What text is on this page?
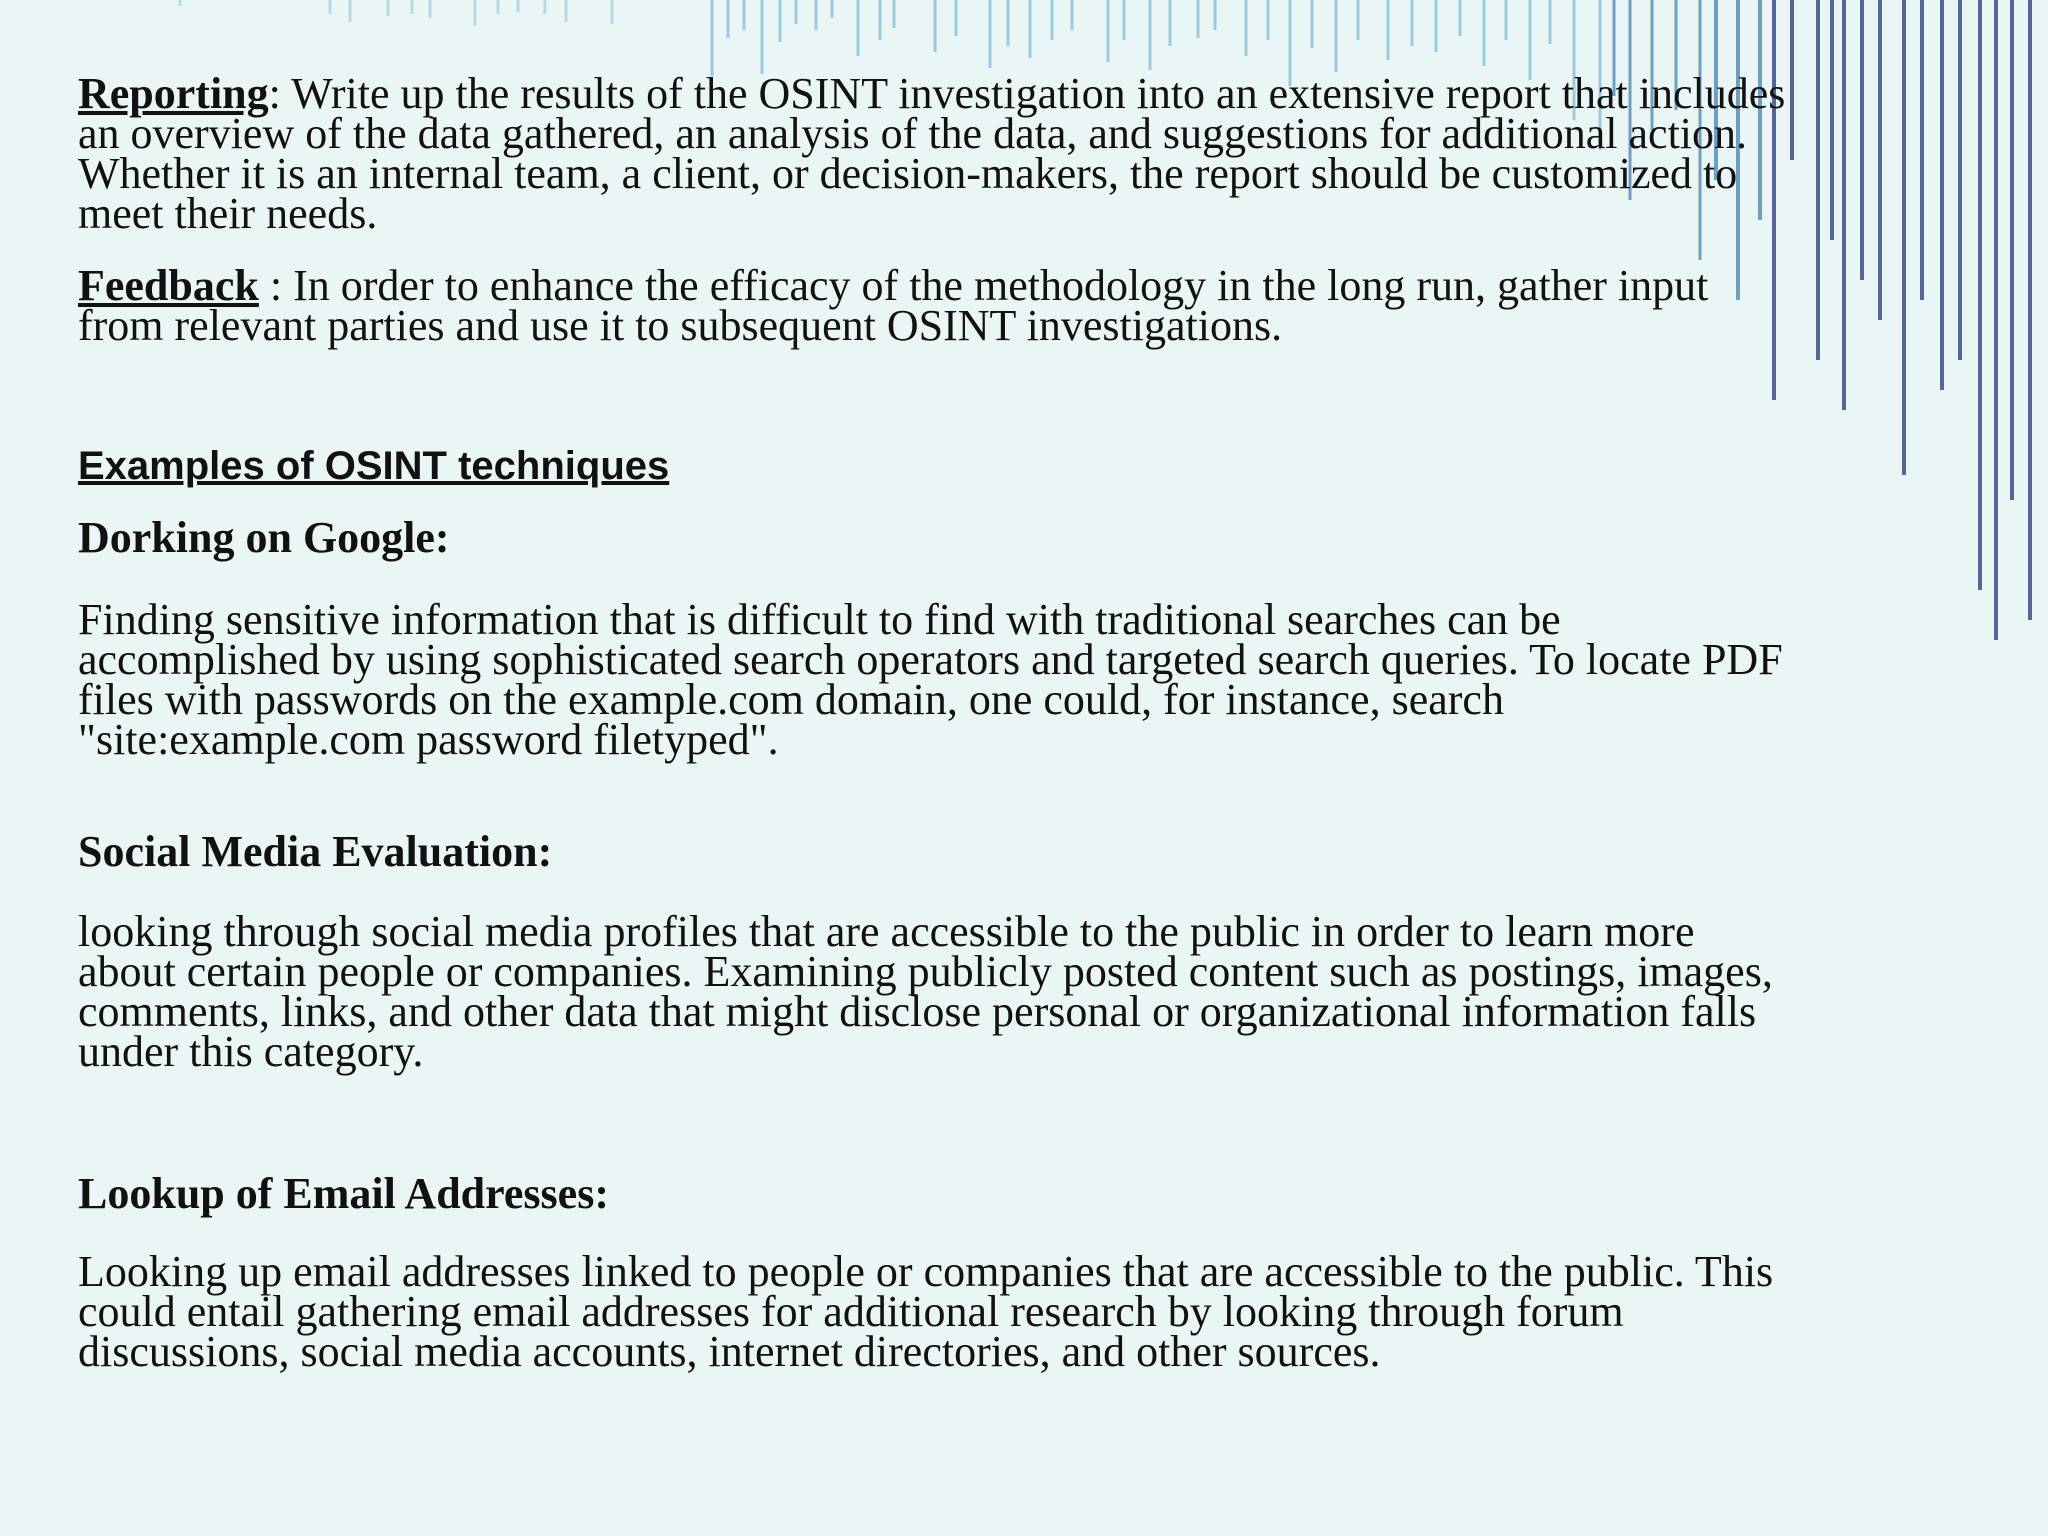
Reporting: Write up the results of the OSINT investigation into an extensive report that includes
an overview of the data gathered, an analysis of the data, and suggestions for additional action.
Whether it is an internal team, a client, or decision-makers, the report should be customized to
meet their needs.

Feedback : In order to enhance the efficacy of the methodology in the long run, gather input
from relevant parties and use it to subsequent OSINT investigations.

Examples of OSINT techniques
Dorking on Google:

Finding sensitive information that is difficult to find with traditional searches can be
accomplished by using sophisticated search operators and targeted search queries. To locate PDF
files with passwords on the example.com domain, one could, for instance, search
"site:example.com password filetyped".

Social Media Evaluation:

looking through social media profiles that are accessible to the public in order to learn more
about certain people or companies. Examining publicly posted content such as postings, images,
comments, links, and other data that might disclose personal or organizational information falls
under this category.

Lookup of Email Addresses:

Looking up email addresses linked to people or companies that are accessible to the public. This
could entail gathering email addresses for additional research by looking through forum
discussions, social media accounts, internet directories, and other sources.
